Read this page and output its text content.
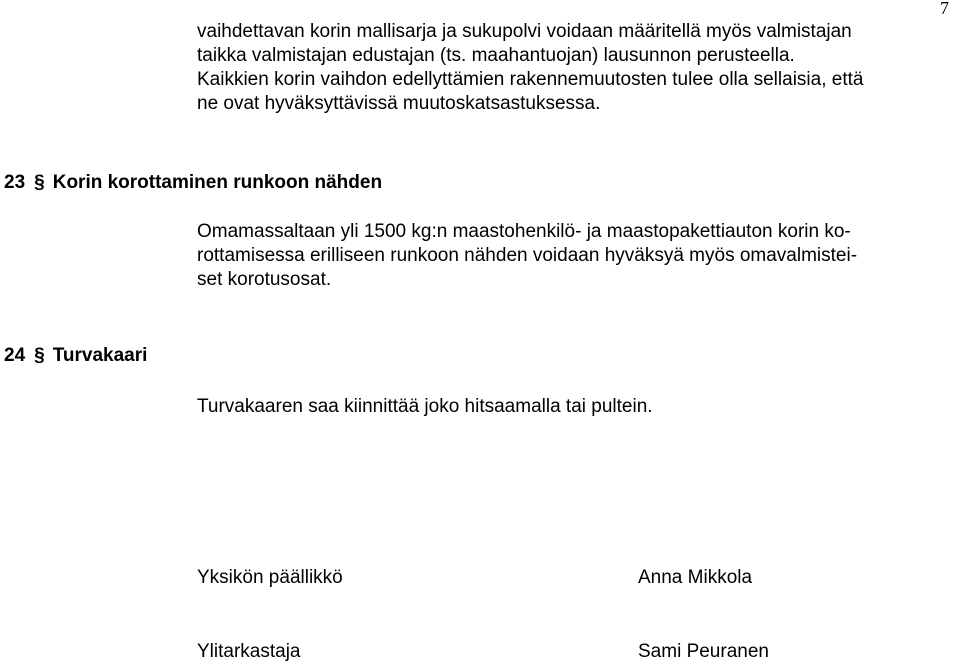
7
vaihdettavan korin mallisarja ja sukupolvi voidaan määritellä myös valmistajan
taikka valmistajan edustajan (ts. maahantuojan) lausunnon perusteella.
Kaikkien korin vaihdon edellyttämien rakennemuutosten tulee olla sellaisia, että
ne ovat hyväksyttävissä muutoskatsastuksessa.
23 § Korin korottaminen runkoon nähden
Omamassaltaan yli 1500 kg:n maastohenkilö- ja maastopakettiauton korin ko-
rottamisessa erilliseen runkoon nähden voidaan hyväksyä myös omavalmistei-
set korotusosat.
24 § Turvakaari
Turvakaaren saa kiinnittää joko hitsaamalla tai pultein.
Yksikön päällikkö	Anna Mikkola
Ylitarkastaja	Sami Peuranen
